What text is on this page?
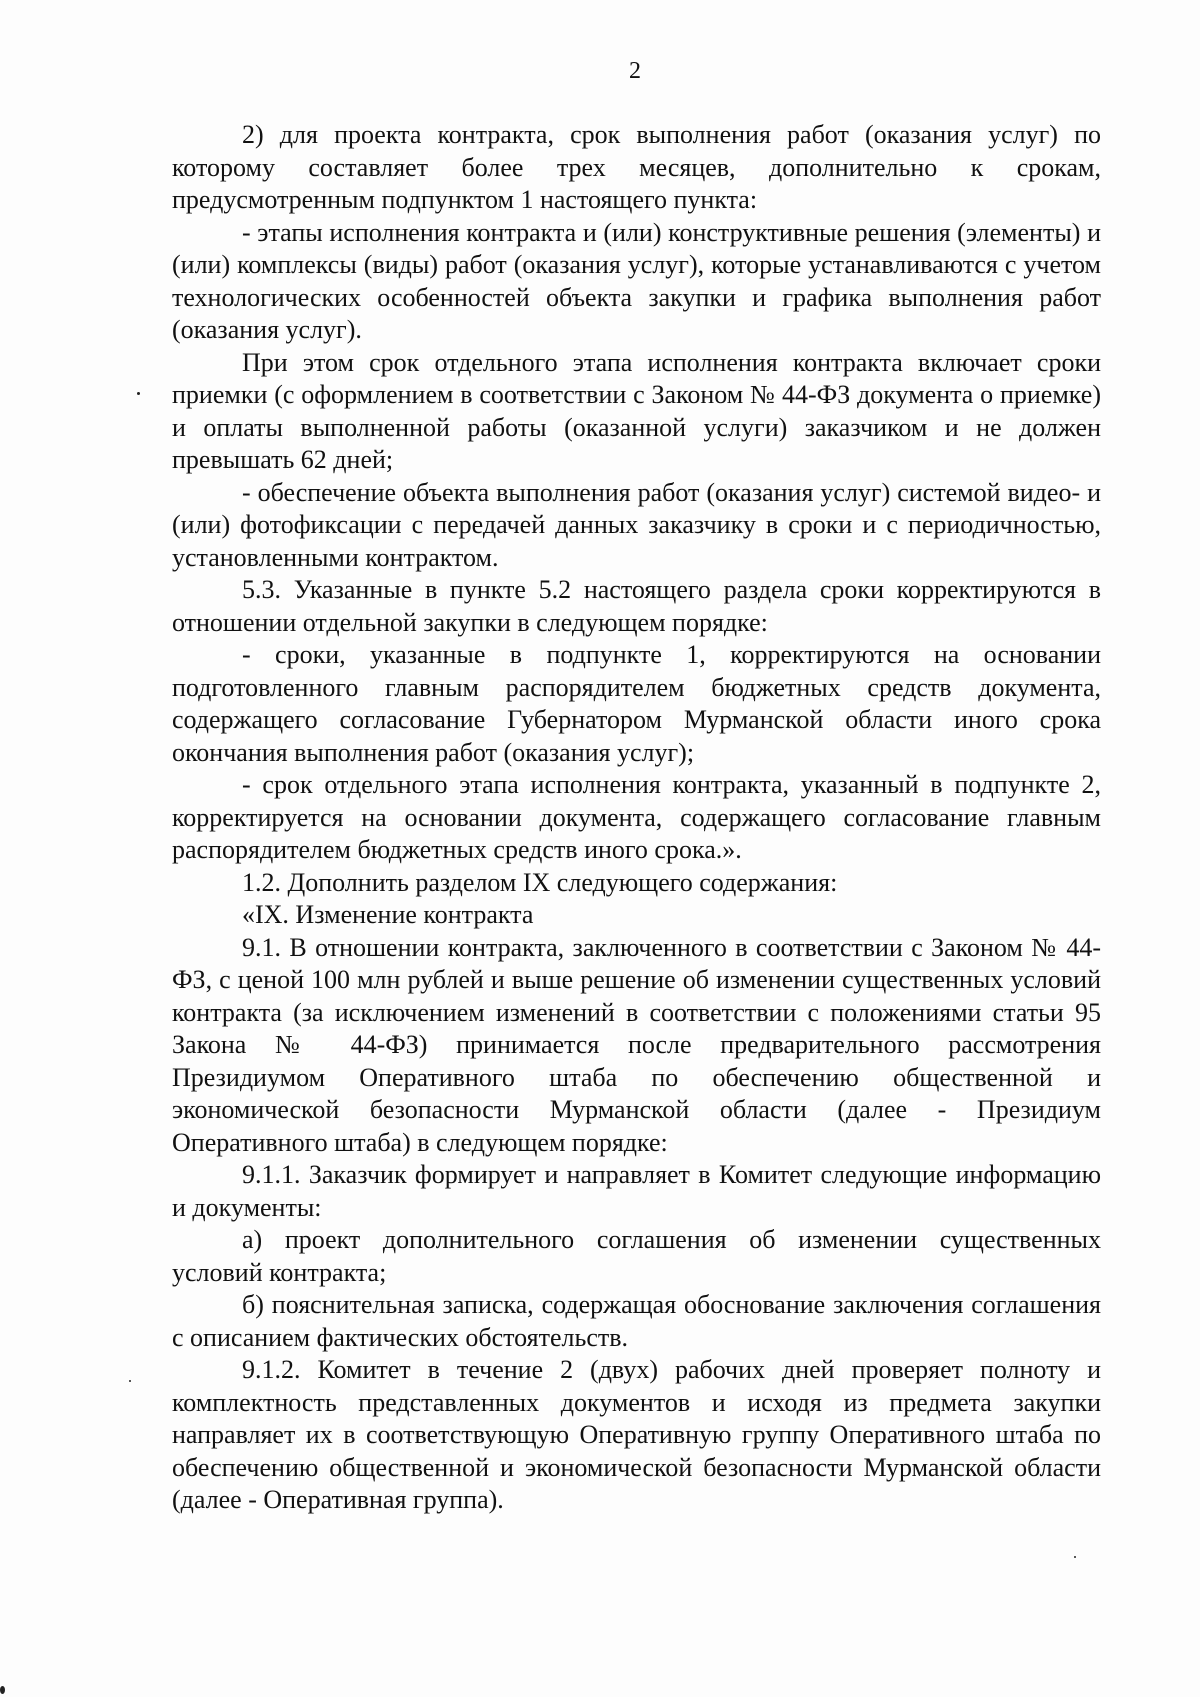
2

2) для проекта контракта, срок выполнения работ (оказания услуг) по которому составляет более трех месяцев, дополнительно к срокам, предусмотренным подпунктом 1 настоящего пункта:

- этапы исполнения контракта и (или) конструктивные решения (элементы) и (или) комплексы (виды) работ (оказания услуг), которые устанавливаются с учетом технологических особенностей объекта закупки и графика выполнения работ (оказания услуг).

При этом срок отдельного этапа исполнения контракта включает сроки приемки (с оформлением в соответствии с Законом № 44-ФЗ документа о приемке) и оплаты выполненной работы (оказанной услуги) заказчиком и не должен превышать 62 дней;

- обеспечение объекта выполнения работ (оказания услуг) системой видео- и (или) фотофиксации с передачей данных заказчику в сроки и с периодичностью, установленными контрактом.

5.3. Указанные в пункте 5.2 настоящего раздела сроки корректируются в отношении отдельной закупки в следующем порядке:

- сроки, указанные в подпункте 1, корректируются на основании подготовленного главным распорядителем бюджетных средств документа, содержащего согласование Губернатором Мурманской области иного срока окончания выполнения работ (оказания услуг);

- срок отдельного этапа исполнения контракта, указанный в подпункте 2, корректируется на основании документа, содержащего согласование главным распорядителем бюджетных средств иного срока.».

1.2. Дополнить разделом IX следующего содержания:

«IX. Изменение контракта

9.1. В отношении контракта, заключенного в соответствии с Законом № 44-ФЗ, с ценой 100 млн рублей и выше решение об изменении существенных условий контракта (за исключением изменений в соответствии с положениями статьи 95 Закона № 44-ФЗ) принимается после предварительного рассмотрения Президиумом Оперативного штаба по обеспечению общественной и экономической безопасности Мурманской области (далее - Президиум Оперативного штаба) в следующем порядке:

9.1.1. Заказчик формирует и направляет в Комитет следующие информацию и документы:

а) проект дополнительного соглашения об изменении существенных условий контракта;

б) пояснительная записка, содержащая обоснование заключения соглашения с описанием фактических обстоятельств.

9.1.2. Комитет в течение 2 (двух) рабочих дней проверяет полноту и комплектность представленных документов и исходя из предмета закупки направляет их в соответствующую Оперативную группу Оперативного штаба по обеспечению общественной и экономической безопасности Мурманской области (далее - Оперативная группа).
